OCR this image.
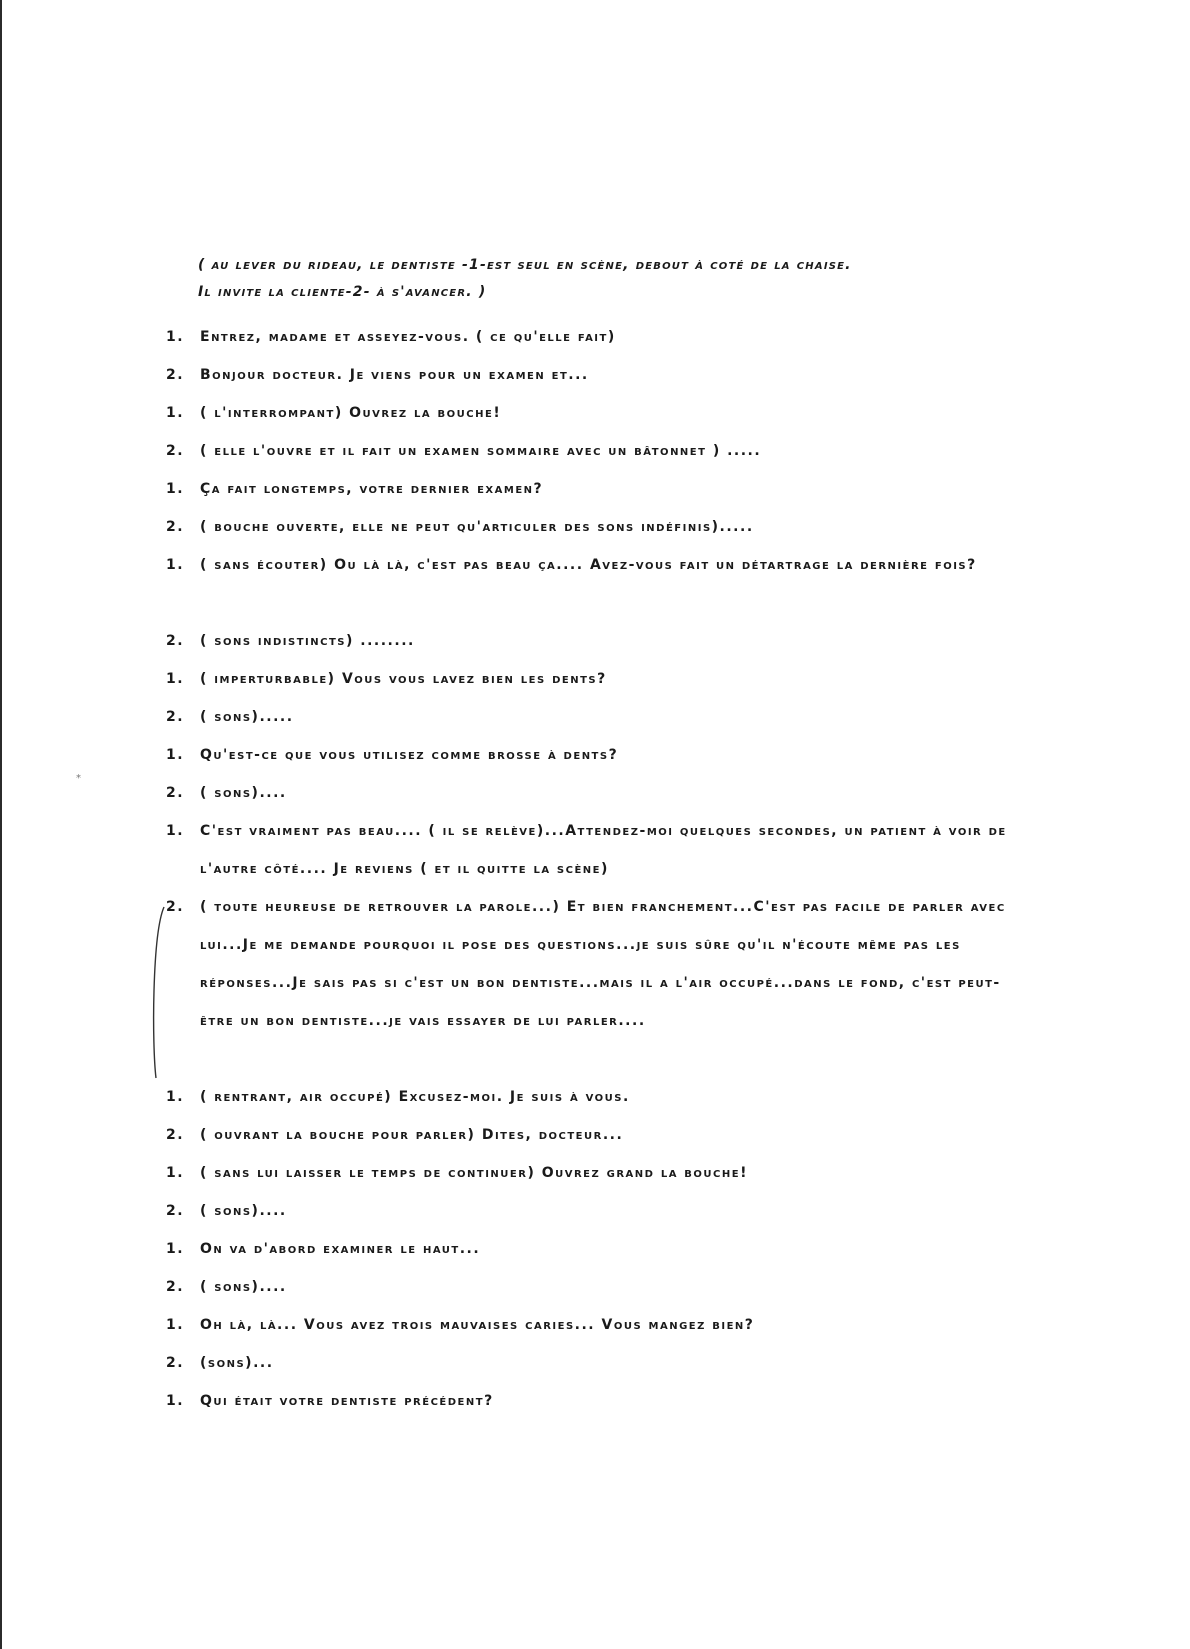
( au lever du rideau, le dentiste -1-est seul en scène, debout à coté de la chaise.
Il invite la cliente-2- à s'avancer. )
*
1.	Entrez, madame et asseyez-vous. ( ce qu'elle fait)
2.	Bonjour docteur. Je viens pour un examen et...
1.	( l'interrompant) Ouvrez la bouche!
2.	( elle l'ouvre et il fait un examen sommaire avec un bâtonnet ) .....
1.	Ça fait longtemps, votre dernier examen?
2.	( bouche ouverte, elle ne peut qu'articuler des sons indéfinis).....
1.	( sans écouter) Ou là là, c'est pas beau ça.... Avez-vous fait un détartrage la dernière fois?
2.	( sons indistincts) ........
1.	( imperturbable) Vous vous lavez bien les dents?
2.	( sons).....
1.	Qu'est-ce que vous utilisez comme brosse à dents?
2.	( sons)....
1.	C'est vraiment pas beau.... ( il se relève)...Attendez-moi quelques secondes, un patient à voir de l'autre côté.... Je reviens ( et il quitte la scène)
2.	( toute heureuse de retrouver la parole...) Et bien franchement...C'est pas facile de parler avec lui...Je me demande pourquoi il pose des questions...je suis sûre qu'il n'écoute même pas les réponses...Je sais pas si c'est un bon dentiste...mais il a l'air occupé...dans le fond, c'est peut-être un bon dentiste...je vais essayer de lui parler....
1.	( rentrant, air occupé) Excusez-moi. Je suis à vous.
2.	( ouvrant la bouche pour parler) Dites, docteur...
1.	( sans lui laisser le temps de continuer) Ouvrez grand la bouche!
2.	( sons)....
1.	On va d'abord examiner le haut...
2.	( sons)....
1.	Oh là, là... Vous avez trois mauvaises caries... Vous mangez bien?
2.	(sons)...
1.	Qui était votre dentiste précédent?
